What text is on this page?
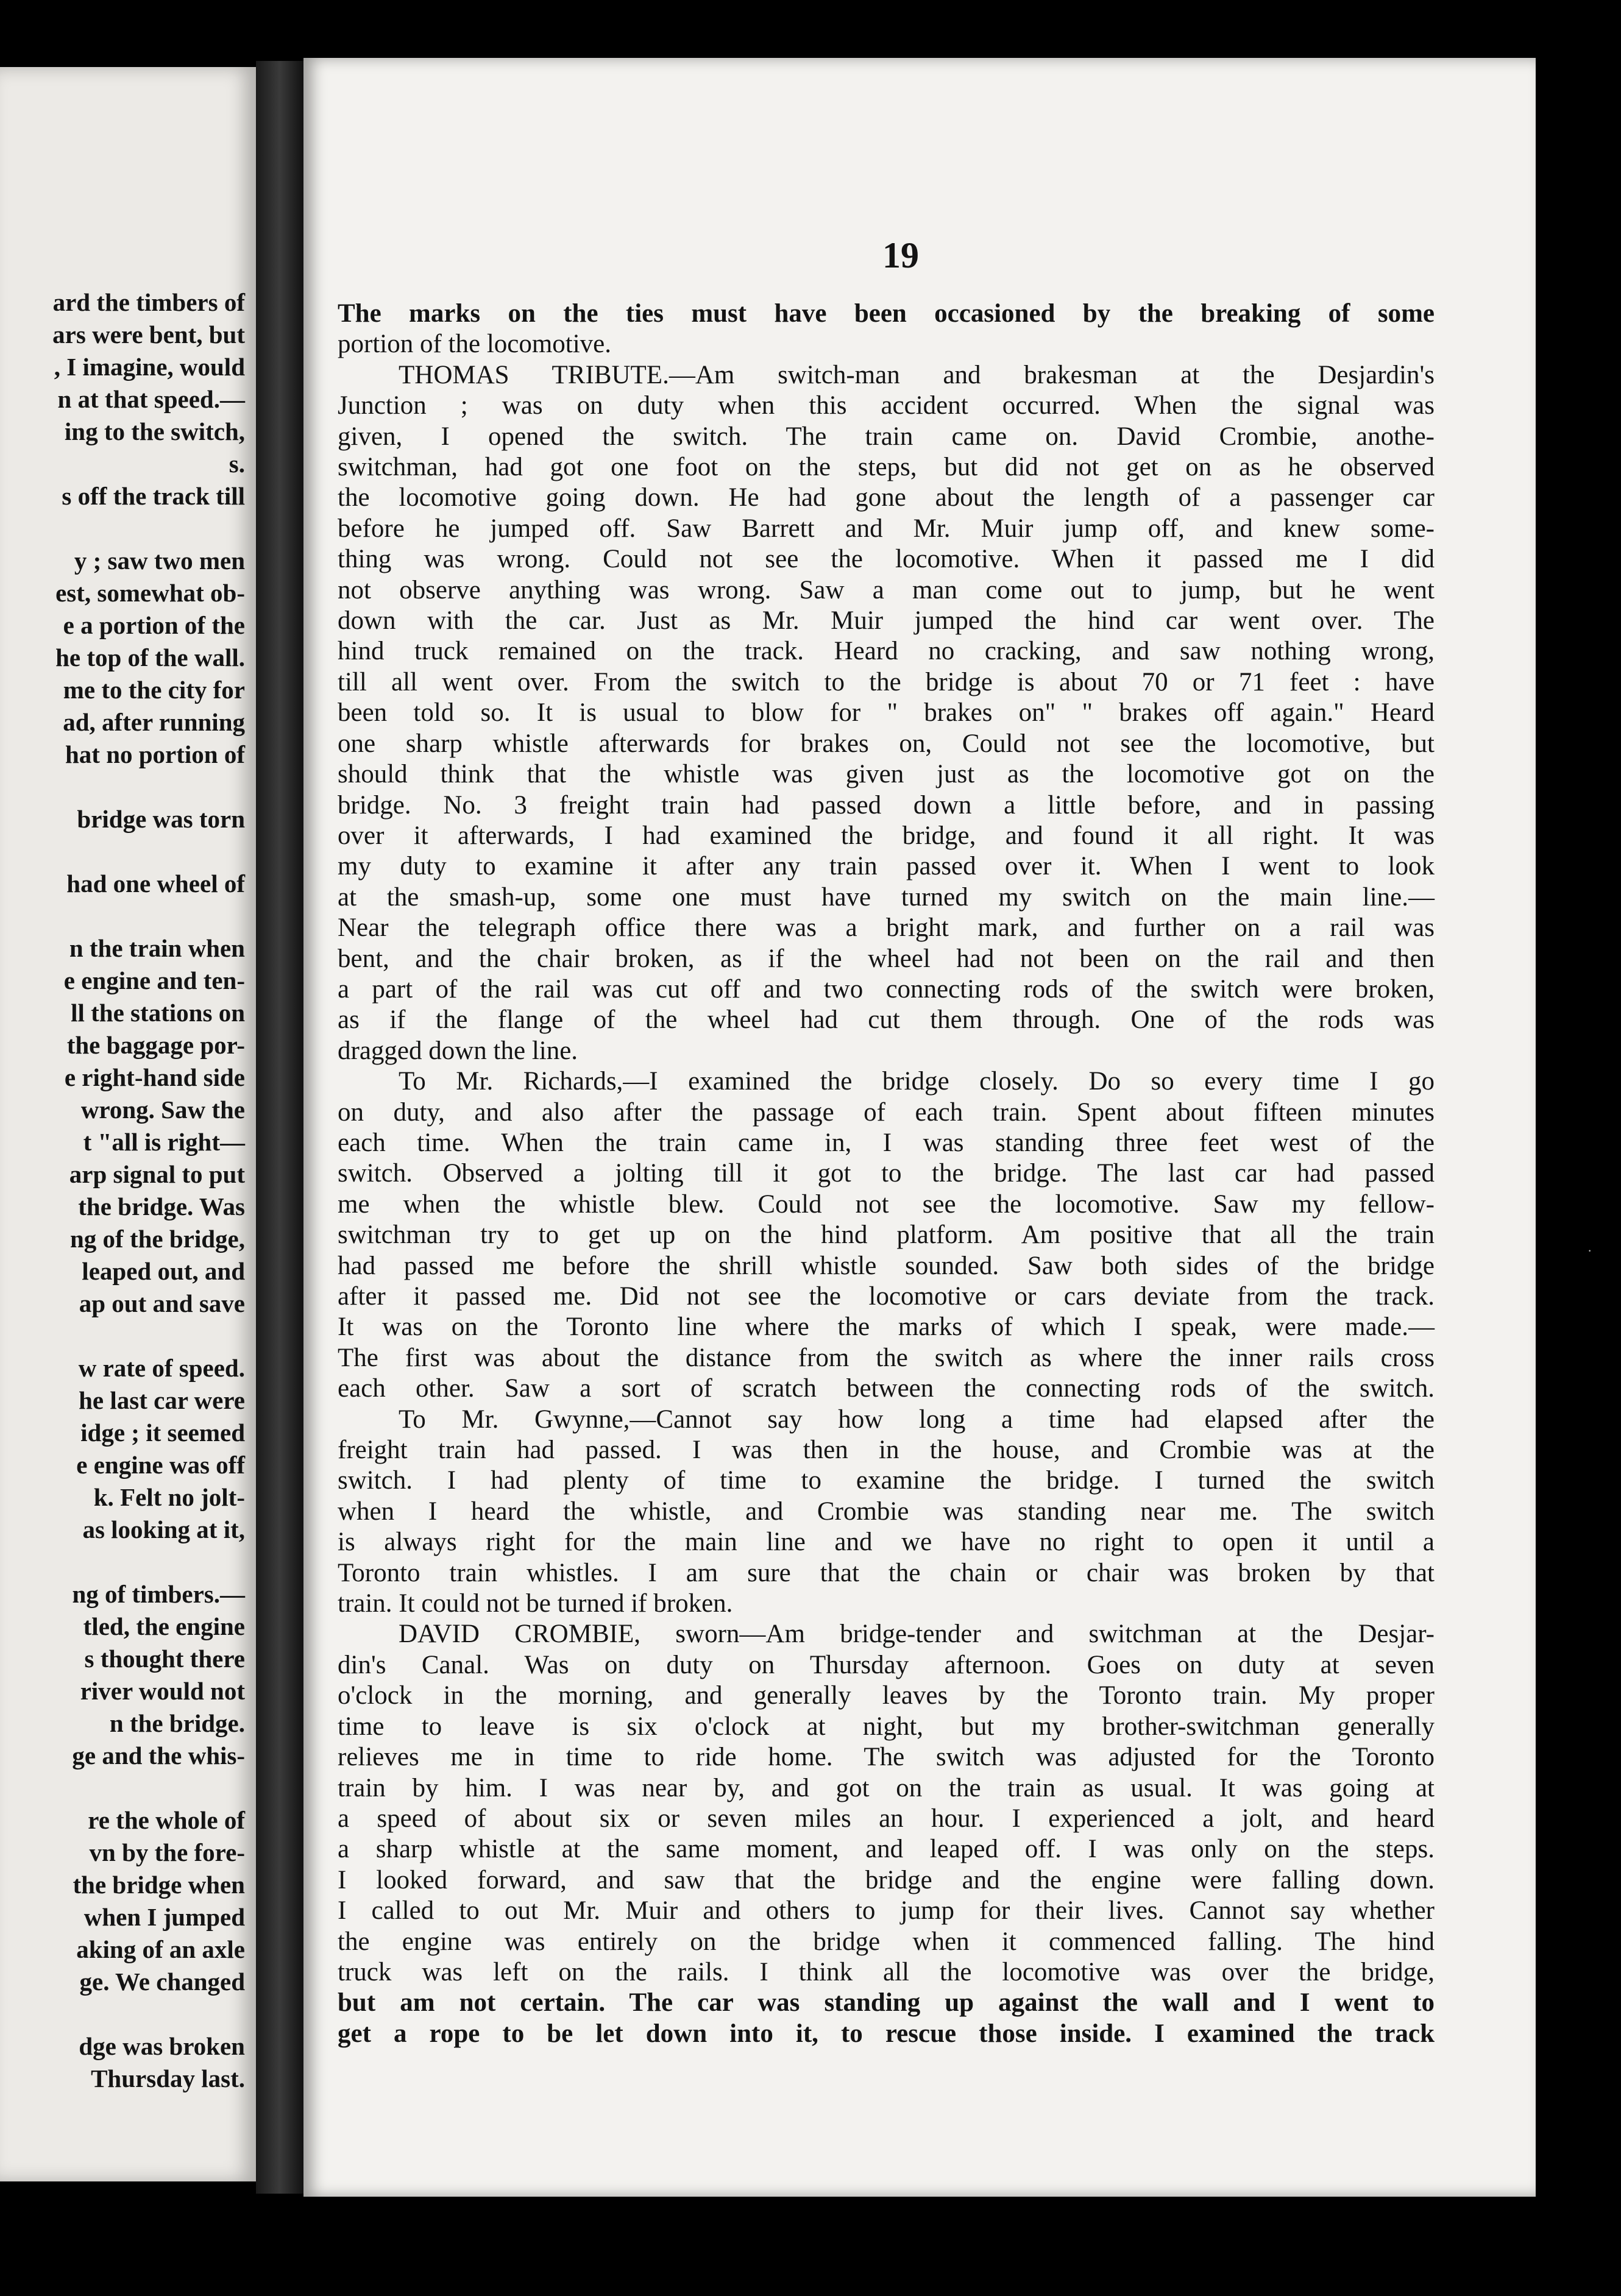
ard the timbers of
ars were bent, but
, I imagine, would
n at that speed.—
ing to the switch,
s.
s off the track till

y ; saw two men
est, somewhat ob-
e a portion of the
he top of the wall.
me to the city for
ad, after running
hat no portion of

bridge was torn

had one wheel of

n the train when
e engine and ten-
ll the stations on
the baggage por-
e right-hand side
wrong. Saw the
t "all is right—
arp signal to put
the bridge. Was
ng of the bridge,
leaped out, and
ap out and save

w rate of speed.
he last car were
idge ; it seemed
e engine was off
k. Felt no jolt-
as looking at it,

ng of timbers.—
tled, the engine
s thought there
river would not
n the bridge.
ge and the whis-

re the whole of
vn by the fore-
the bridge when
when I jumped
aking of an axle
ge. We changed

dge was broken
Thursday last.
19
The marks on the ties must have been occasioned by the breaking of some
portion of the locomotive.
THOMAS TRIBUTE.—Am switch-man and brakesman at the Desjardin's
Junction ; was on duty when this accident occurred. When the signal was
given, I opened the switch. The train came on. David Crombie, anothe-
switchman, had got one foot on the steps, but did not get on as he observed
the locomotive going down. He had gone about the length of a passenger car
before he jumped off. Saw Barrett and Mr. Muir jump off, and knew some-
thing was wrong. Could not see the locomotive. When it passed me I did
not observe anything was wrong. Saw a man come out to jump, but he went
down with the car. Just as Mr. Muir jumped the hind car went over. The
hind truck remained on the track. Heard no cracking, and saw nothing wrong,
till all went over. From the switch to the bridge is about 70 or 71 feet : have
been told so. It is usual to blow for " brakes on" " brakes off again." Heard
one sharp whistle afterwards for brakes on, Could not see the locomotive, but
should think that the whistle was given just as the locomotive got on the
bridge. No. 3 freight train had passed down a little before, and in passing
over it afterwards, I had examined the bridge, and found it all right. It was
my duty to examine it after any train passed over it. When I went to look
at the smash-up, some one must have turned my switch on the main line.—
Near the telegraph office there was a bright mark, and further on a rail was
bent, and the chair broken, as if the wheel had not been on the rail and then
a part of the rail was cut off and two connecting rods of the switch were broken,
as if the flange of the wheel had cut them through. One of the rods was
dragged down the line.
To Mr. Richards,—I examined the bridge closely. Do so every time I go
on duty, and also after the passage of each train. Spent about fifteen minutes
each time. When the train came in, I was standing three feet west of the
switch. Observed a jolting till it got to the bridge. The last car had passed
me when the whistle blew. Could not see the locomotive. Saw my fellow-
switchman try to get up on the hind platform. Am positive that all the train
had passed me before the shrill whistle sounded. Saw both sides of the bridge
after it passed me. Did not see the locomotive or cars deviate from the track.
It was on the Toronto line where the marks of which I speak, were made.—
The first was about the distance from the switch as where the inner rails cross
each other. Saw a sort of scratch between the connecting rods of the switch.
To Mr. Gwynne,—Cannot say how long a time had elapsed after the
freight train had passed. I was then in the house, and Crombie was at the
switch. I had plenty of time to examine the bridge. I turned the switch
when I heard the whistle, and Crombie was standing near me. The switch
is always right for the main line and we have no right to open it until a
Toronto train whistles. I am sure that the chain or chair was broken by that
train. It could not be turned if broken.
DAVID CROMBIE, sworn—Am bridge-tender and switchman at the Desjar-
din's Canal. Was on duty on Thursday afternoon. Goes on duty at seven
o'clock in the morning, and generally leaves by the Toronto train. My proper
time to leave is six o'clock at night, but my brother-switchman generally
relieves me in time to ride home. The switch was adjusted for the Toronto
train by him. I was near by, and got on the train as usual. It was going at
a speed of about six or seven miles an hour. I experienced a jolt, and heard
a sharp whistle at the same moment, and leaped off. I was only on the steps.
I looked forward, and saw that the bridge and the engine were falling down.
I called to out Mr. Muir and others to jump for their lives. Cannot say whether
the engine was entirely on the bridge when it commenced falling. The hind
truck was left on the rails. I think all the locomotive was over the bridge,
but am not certain. The car was standing up against the wall and I went to
get a rope to be let down into it, to rescue those inside. I examined the track
·
